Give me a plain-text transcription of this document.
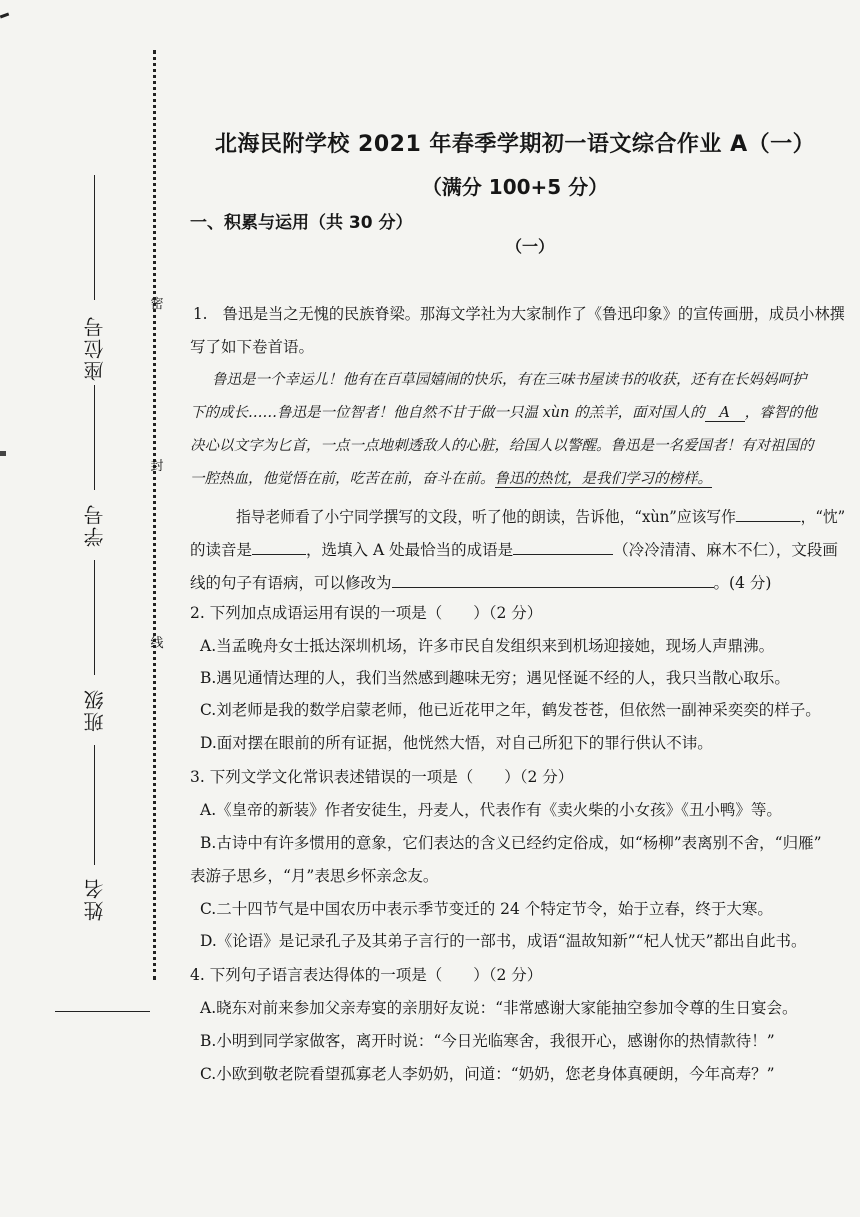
密
封
线
座位号
学号
班级
姓名
北海民附学校 2021 年春季学期初一语文综合作业 A（一）
（满分 100+5 分）
一、积累与运用（共 30 分）
（一）
1.　鲁迅是当之无愧的民族脊梁。那海文学社为大家制作了《鲁迅印象》的宣传画册，成员小林撰
写了如下卷首语。
鲁迅是一个幸运儿！他有在百草园嬉闹的快乐，有在三味书屋读书的收获，还有在长妈妈呵护
下的成长……鲁迅是一位智者！他自然不甘于做一只温 xùn 的羔羊，面对国人的 A ，睿智的他
决心以文字为匕首，一点一点地刺透敌人的心脏，给国人以警醒。鲁迅是一名爱国者！有对祖国的
一腔热血，他觉悟在前，吃苦在前，奋斗在前。鲁迅的热忱，是我们学习的榜样。
指导老师看了小宁同学撰写的文段，听了他的朗读，告诉他，“xùn”应该写作	，“忱”
的读音是	，选填入 A 处最恰当的成语是	（冷冷清清、麻木不仁），文段画
线的句子有语病，可以修改为	。(4 分)
2. 下列加点成语运用有误的一项是（　　）（2 分）
A.当孟晚舟女士抵达深圳机场，许多市民自发组织来到机场迎接她，现场人声鼎沸。
B.遇见通情达理的人，我们当然感到趣味无穷；遇见怪诞不经的人，我只当散心取乐。
C.刘老师是我的数学启蒙老师，他已近花甲之年，鹤发苍苍，但依然一副神采奕奕的样子。
D.面对摆在眼前的所有证据，他恍然大悟，对自己所犯下的罪行供认不讳。
3. 下列文学文化常识表述错误的一项是（　　）（2 分）
A.《皇帝的新装》作者安徒生，丹麦人，代表作有《卖火柴的小女孩》《丑小鸭》等。
B.古诗中有许多惯用的意象，它们表达的含义已经约定俗成，如“杨柳”表离别不舍，“归雁”
表游子思乡，“月”表思乡怀亲念友。
C.二十四节气是中国农历中表示季节变迁的 24 个特定节令，始于立春，终于大寒。
D.《论语》是记录孔子及其弟子言行的一部书，成语“温故知新”“杞人忧天”都出自此书。
4. 下列句子语言表达得体的一项是（　　）（2 分）
A.晓东对前来参加父亲寿宴的亲朋好友说：“非常感谢大家能抽空参加令尊的生日宴会。
B.小明到同学家做客，离开时说：“今日光临寒舍，我很开心，感谢你的热情款待！”
C.小欧到敬老院看望孤寡老人李奶奶，问道：“奶奶，您老身体真硬朗，今年高寿？”
